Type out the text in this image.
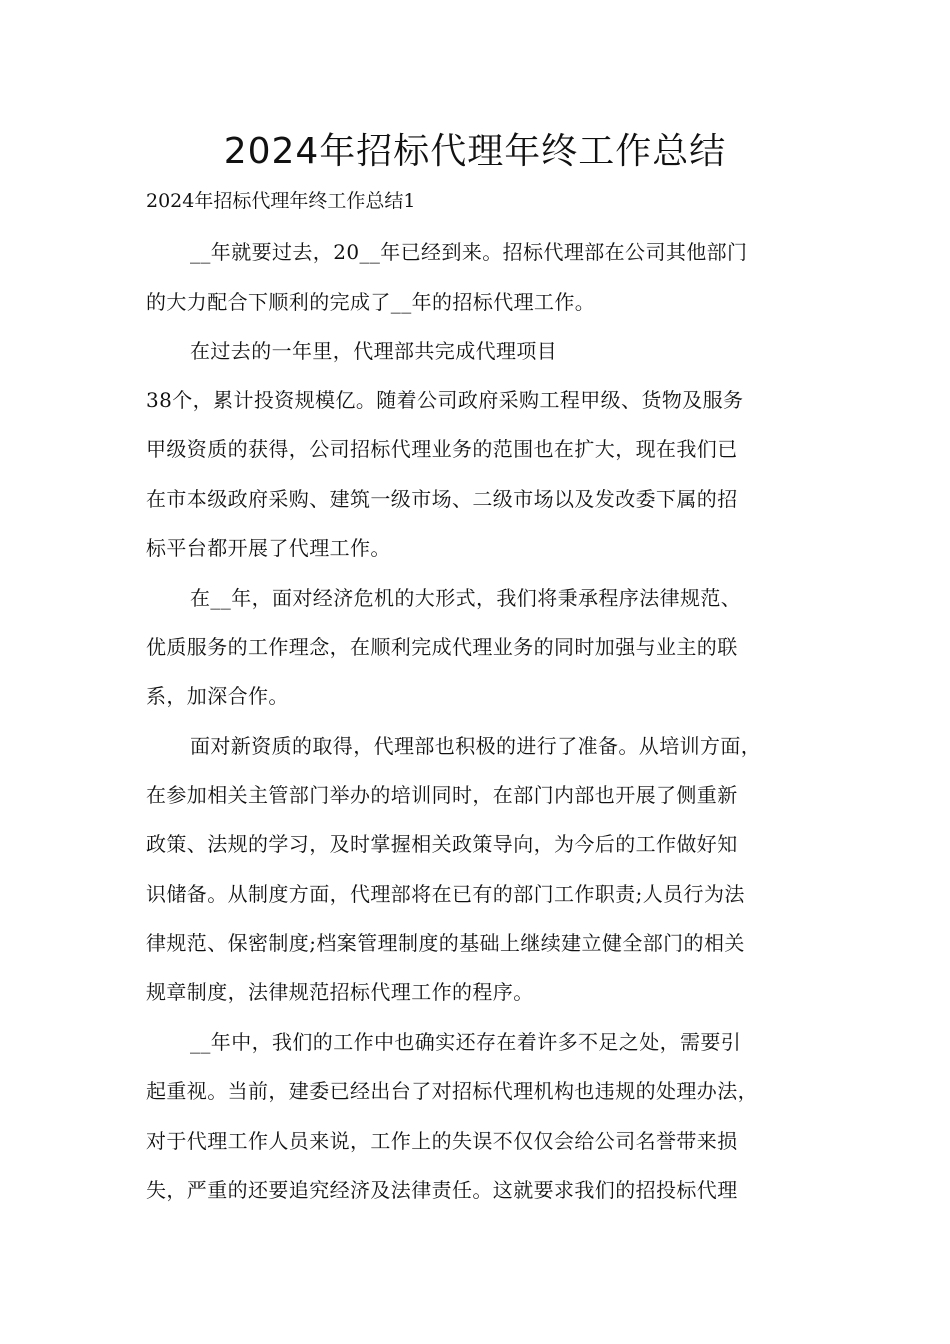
2024年招标代理年终工作总结

2024年招标代理年终工作总结1

__年就要过去，20__年已经到来。招标代理部在公司其他部门

的大力配合下顺利的完成了__年的招标代理工作。

在过去的一年里，代理部共完成代理项目

38个，累计投资规模亿。随着公司政府采购工程甲级、货物及服务

甲级资质的获得，公司招标代理业务的范围也在扩大，现在我们已

在市本级政府采购、建筑一级市场、二级市场以及发改委下属的招

标平台都开展了代理工作。

在__年，面对经济危机的大形式，我们将秉承程序法律规范、

优质服务的工作理念，在顺利完成代理业务的同时加强与业主的联

系，加深合作。

面对新资质的取得，代理部也积极的进行了准备。从培训方面，

在参加相关主管部门举办的培训同时，在部门内部也开展了侧重新

政策、法规的学习，及时掌握相关政策导向，为今后的工作做好知

识储备。从制度方面，代理部将在已有的部门工作职责;人员行为法

律规范、保密制度;档案管理制度的基础上继续建立健全部门的相关

规章制度，法律规范招标代理工作的程序。

__年中，我们的工作中也确实还存在着许多不足之处，需要引

起重视。当前，建委已经出台了对招标代理机构也违规的处理办法，

对于代理工作人员来说，工作上的失误不仅仅会给公司名誉带来损

失，严重的还要追究经济及法律责任。这就要求我们的招投标代理
